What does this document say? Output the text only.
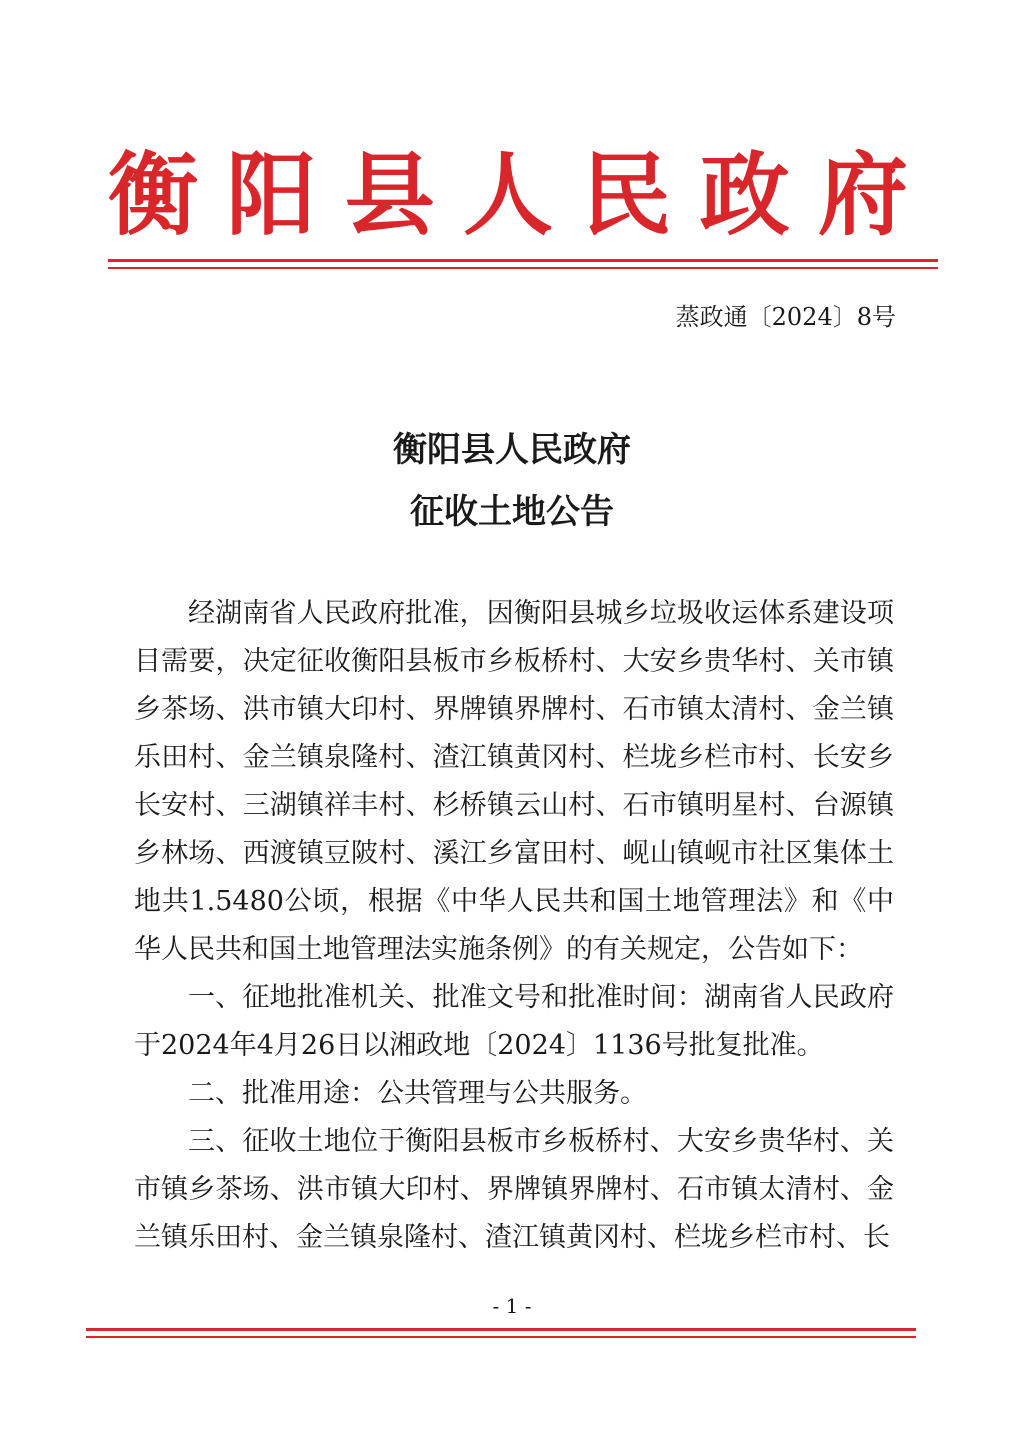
衡 阳 县 人 民 政 府
蒸政通〔2024〕8号
衡阳县人民政府
征收土地公告

经湖南省人民政府批准，因衡阳县城乡垃圾收运体系建设项目需要，决定征收衡阳县板市乡板桥村、大安乡贵华村、关市镇乡茶场、洪市镇大印村、界牌镇界牌村、石市镇太清村、金兰镇乐田村、金兰镇泉隆村、渣江镇黄冈村、栏垅乡栏市村、长安乡长安村、三湖镇祥丰村、杉桥镇云山村、石市镇明星村、台源镇乡林场、西渡镇豆陂村、溪江乡富田村、岘山镇岘市社区集体土地共1.5480公顷，根据《中华人民共和国土地管理法》和《中华人民共和国土地管理法实施条例》的有关规定，公告如下：

一、征地批准机关、批准文号和批准时间：湖南省人民政府于2024年4月26日以湘政地〔2024〕1136号批复批准。

二、批准用途：公共管理与公共服务。

三、征收土地位于衡阳县板市乡板桥村、大安乡贵华村、关市镇乡茶场、洪市镇大印村、界牌镇界牌村、石市镇太清村、金兰镇乐田村、金兰镇泉隆村、渣江镇黄冈村、栏垅乡栏市村、长

- 1 -
